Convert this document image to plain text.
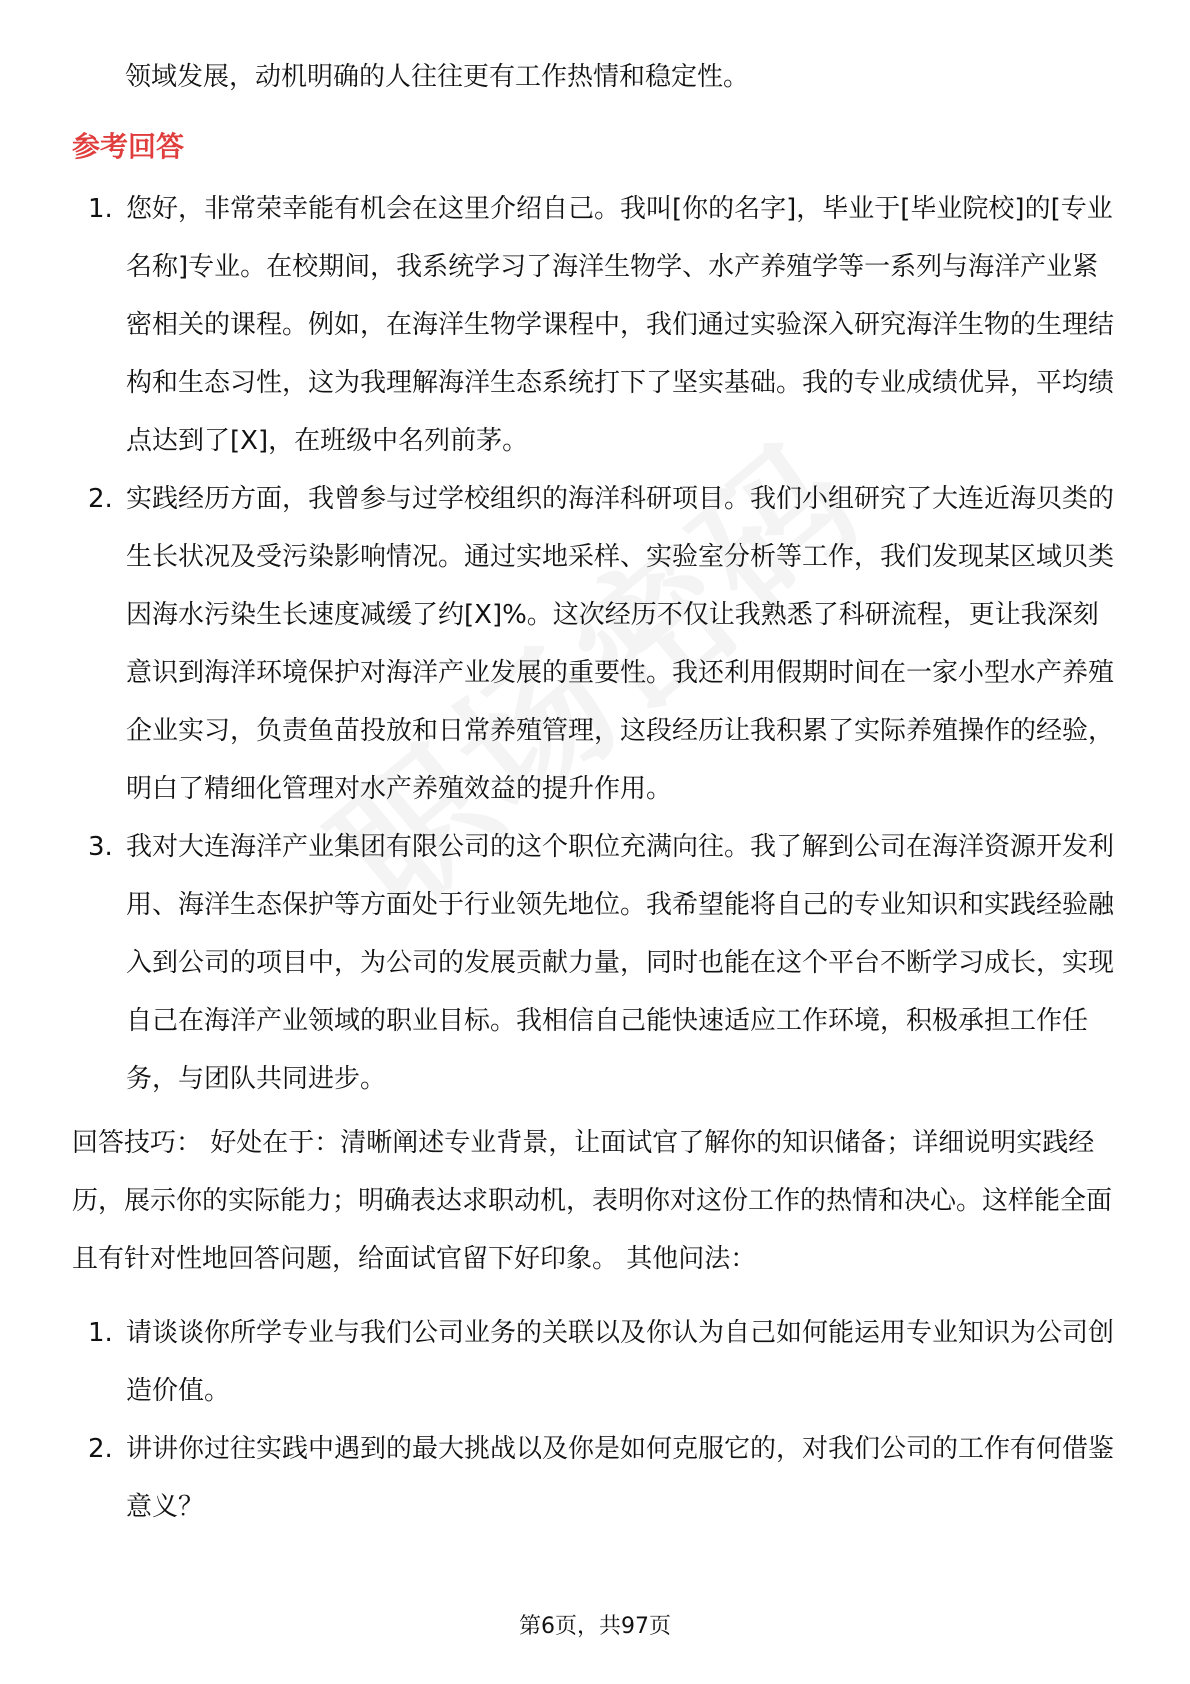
领域发展，动机明确的人往往更有工作热情和稳定性。
参考回答
1. 您好，非常荣幸能有机会在这里介绍自己。我叫[你的名字]，毕业于[毕业院校]的[专业名称]专业。在校期间，我系统学习了海洋生物学、水产养殖学等一系列与海洋产业紧密相关的课程。例如，在海洋生物学课程中，我们通过实验深入研究海洋生物的生理结构和生态习性，这为我理解海洋生态系统打下了坚实基础。我的专业成绩优异，平均绩点达到了[X]，在班级中名列前茅。
2. 实践经历方面，我曾参与过学校组织的海洋科研项目。我们小组研究了大连近海贝类的生长状况及受污染影响情况。通过实地采样、实验室分析等工作，我们发现某区域贝类因海水污染生长速度减缓了约[X]%。这次经历不仅让我熟悉了科研流程，更让我深刻意识到海洋环境保护对海洋产业发展的重要性。我还利用假期时间在一家小型水产养殖企业实习，负责鱼苗投放和日常养殖管理，这段经历让我积累了实际养殖操作的经验，明白了精细化管理对水产养殖效益的提升作用。
3. 我对大连海洋产业集团有限公司的这个职位充满向往。我了解到公司在海洋资源开发利用、海洋生态保护等方面处于行业领先地位。我希望能将自己的专业知识和实践经验融入到公司的项目中，为公司的发展贡献力量，同时也能在这个平台不断学习成长，实现自己在海洋产业领域的职业目标。我相信自己能快速适应工作环境，积极承担工作任务，与团队共同进步。
回答技巧： 好处在于：清晰阐述专业背景，让面试官了解你的知识储备；详细说明实践经历，展示你的实际能力；明确表达求职动机，表明你对这份工作的热情和决心。这样能全面且有针对性地回答问题，给面试官留下好印象。 其他问法：
1. 请谈谈你所学专业与我们公司业务的关联以及你认为自己如何能运用专业知识为公司创造价值。
2. 讲讲你过往实践中遇到的最大挑战以及你是如何克服它的，对我们公司的工作有何借鉴意义？
第6页，共97页
